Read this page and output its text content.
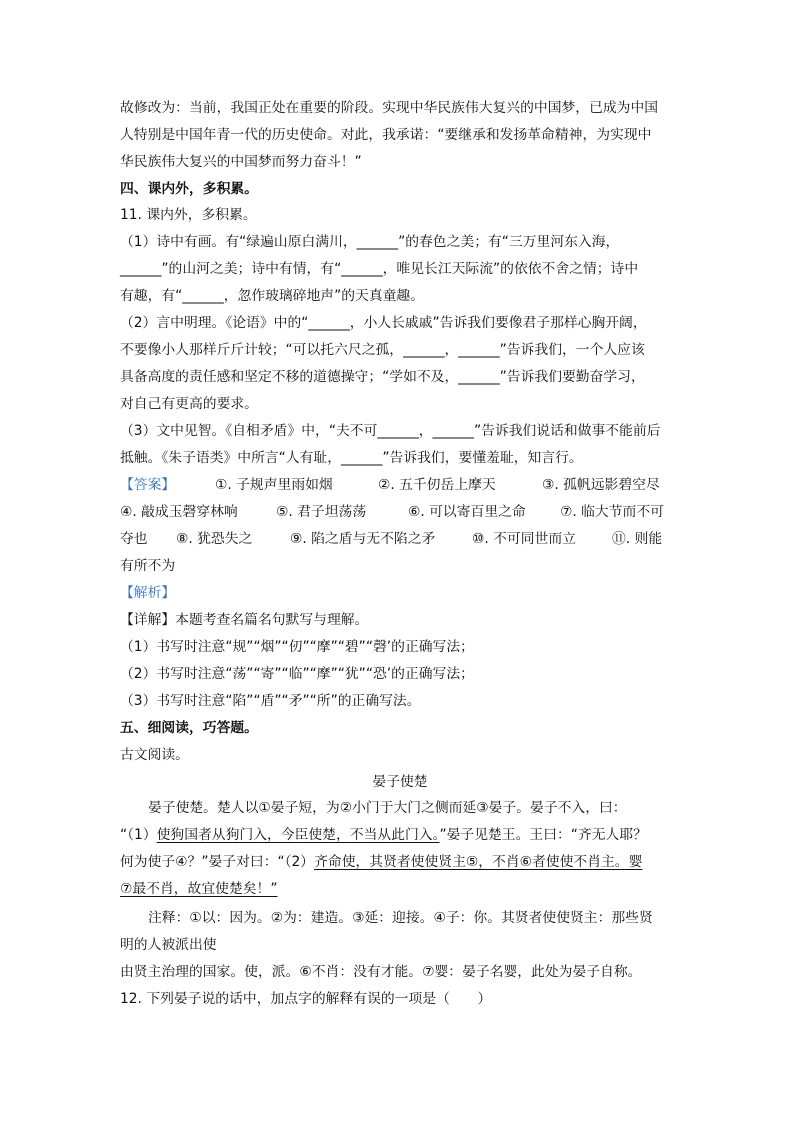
故修改为：当前，我国正处在重要的阶段。实现中华民族伟大复兴的中国梦，已成为中国
人特别是中国年青一代的历史使命。对此，我承诺：“要继承和发扬革命精神，为实现中
华民族伟大复兴的中国梦而努力奋斗！”
四、课内外，多积累。
11. 课内外，多积累。
（1）诗中有画。有“绿遍山原白满川，______”的春色之美；有“三万里河东入海，
______”的山河之美；诗中有情，有“______，唯见长江天际流”的依依不舍之情；诗中
有趣，有“______，忽作玻璃碎地声”的天真童趣。
（2）言中明理。《论语》中的“______，小人长戚戚”告诉我们要像君子那样心胸开阔，
不要像小人那样斤斤计较；“可以托六尺之孤，______，______”告诉我们，一个人应该
具备高度的责任感和坚定不移的道德操守；“学如不及，______”告诉我们要勤奋学习，
对自己有更高的要求。
（3）文中见智。《自相矛盾》中，“夫不可______，______”告诉我们说话和做事不能前后
抵触。《朱子语类》中所言“人有耻，______”告诉我们，要懂羞耻，知言行。
【答案】	①. 子规声里雨如烟	②. 五千仞岳上摩天	③. 孤帆远影碧空尽
④. 敲成玉磬穿林响	⑤. 君子坦荡荡	⑥. 可以寄百里之命 ⑦. 临大节而不可
夺也 ⑧. 犹恐失之	⑨. 陷之盾与无不陷之矛	⑩. 不可同世而立	⑪. 则能
有所不为
【解析】
【详解】本题考查名篇名句默写与理解。
（1）书写时注意“规”“烟”“仞”“摩”“碧”“磬’的正确写法；
（2）书写时注意“荡”“寄”“临”“摩”“犹”“恐’的正确写法；
（3）书写时注意“陷”“盾”“矛”“所”的正确写法。
五、细阅读，巧答题。
古文阅读。
晏子使楚
晏子使楚。楚人以①晏子短，为②小门于大门之侧而延③晏子。晏子不入，曰：
“（1）使狗国者从狗门入，今臣使楚，不当从此门入。”晏子见楚王。王曰：“齐无人耶？
何为使子④？”晏子对曰：“（2）齐命使，其贤者使使贤主⑤，不肖⑥者使使不肖主。婴
⑦最不肖，故宜使楚矣！”
注释：①以：因为。②为：建造。③延：迎接。④子：你。其贤者使使贤主：那些贤
明的人被派出使
由贤主治理的国家。使，派。⑥不肖：没有才能。⑦婴：晏子名婴，此处为晏子自称。
12. 下列晏子说的话中，加点字的解释有误的一项是（　　）
